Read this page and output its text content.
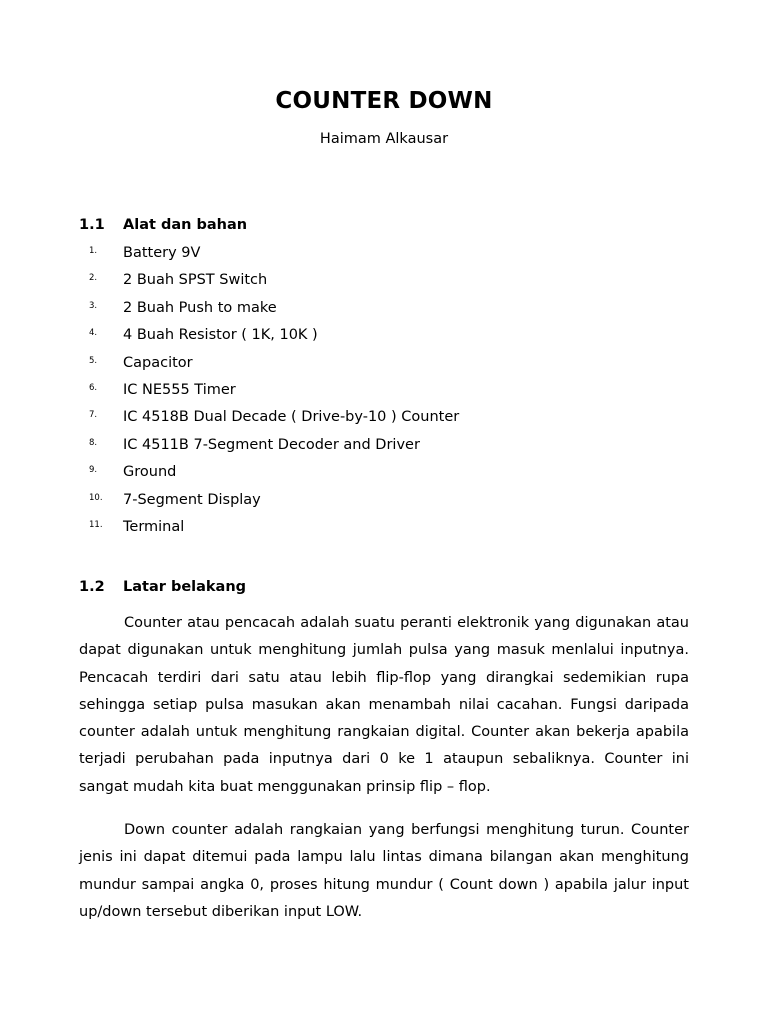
COUNTER DOWN
Haimam Alkausar
1.1 Alat dan bahan
1. Battery 9V
2. 2 Buah SPST Switch
3. 2 Buah Push to make
4. 4 Buah Resistor ( 1K, 10K )
5. Capacitor
6. IC NE555 Timer
7. IC 4518B Dual Decade ( Drive-by-10 ) Counter
8. IC 4511B 7-Segment Decoder and Driver
9. Ground
10. 7-Segment Display
11. Terminal
1.2 Latar belakang

Counter atau pencacah adalah suatu peranti elektronik yang digunakan atau dapat digunakan untuk menghitung jumlah pulsa yang masuk menlalui inputnya. Pencacah terdiri dari satu atau lebih flip-flop yang dirangkai sedemikian rupa sehingga setiap pulsa masukan akan menambah nilai cacahan. Fungsi daripada counter adalah untuk menghitung rangkaian digital. Counter akan bekerja apabila terjadi perubahan pada inputnya dari 0 ke 1 ataupun sebaliknya. Counter ini sangat mudah kita buat menggunakan prinsip flip – flop.

Down counter adalah rangkaian yang berfungsi menghitung turun. Counter jenis ini dapat ditemui pada lampu lalu lintas dimana bilangan akan menghitung mundur sampai angka 0, proses hitung mundur ( Count down ) apabila jalur input up/down tersebut diberikan input LOW.
